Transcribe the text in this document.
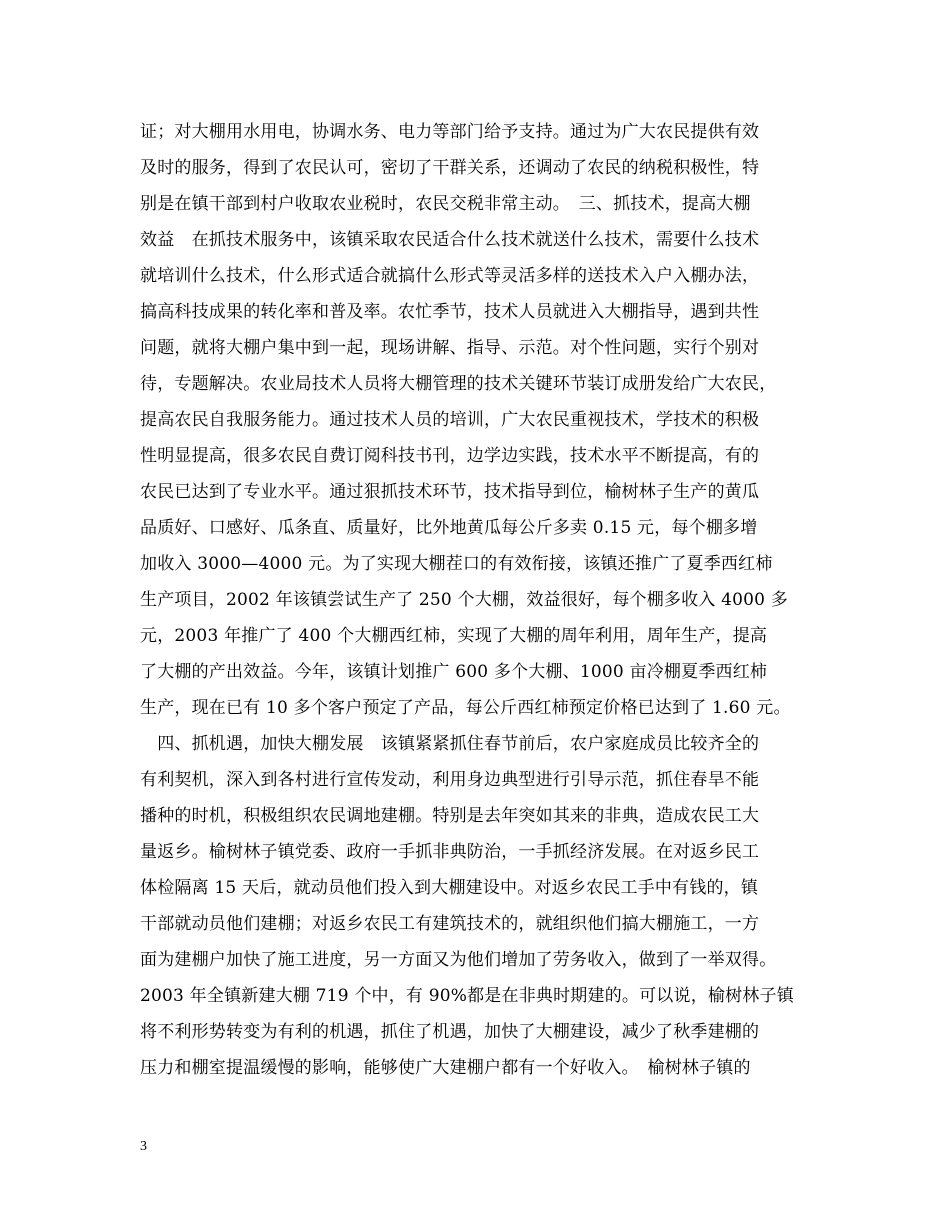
证；对大棚用水用电，协调水务、电力等部门给予支持。通过为广大农民提供有效
及时的服务，得到了农民认可，密切了干群关系，还调动了农民的纳税积极性，特
别是在镇干部到村户收取农业税时，农民交税非常主动。　三、抓技术，提高大棚
效益　在抓技术服务中，该镇采取农民适合什么技术就送什么技术，需要什么技术
就培训什么技术，什么形式适合就搞什么形式等灵活多样的送技术入户入棚办法，
搞高科技成果的转化率和普及率。农忙季节，技术人员就进入大棚指导，遇到共性
问题，就将大棚户集中到一起，现场讲解、指导、示范。对个性问题，实行个别对
待，专题解决。农业局技术人员将大棚管理的技术关键环节装订成册发给广大农民，
提高农民自我服务能力。通过技术人员的培训，广大农民重视技术，学技术的积极
性明显提高，很多农民自费订阅科技书刊，边学边实践，技术水平不断提高，有的
农民已达到了专业水平。通过狠抓技术环节，技术指导到位，榆树林子生产的黄瓜
品质好、口感好、瓜条直、质量好，比外地黄瓜每公斤多卖 0.15 元，每个棚多增
加收入 3000—4000 元。为了实现大棚茬口的有效衔接，该镇还推广了夏季西红柿
生产项目，2002 年该镇尝试生产了 250 个大棚，效益很好，每个棚多收入 4000 多
元，2003 年推广了 400 个大棚西红柿，实现了大棚的周年利用，周年生产，提高
了大棚的产出效益。今年，该镇计划推广 600 多个大棚、1000 亩冷棚夏季西红柿
生产，现在已有 10 多个客户预定了产品，每公斤西红柿预定价格已达到了 1.60 元。
　四、抓机遇，加快大棚发展　该镇紧紧抓住春节前后，农户家庭成员比较齐全的
有利契机，深入到各村进行宣传发动，利用身边典型进行引导示范，抓住春旱不能
播种的时机，积极组织农民调地建棚。特别是去年突如其来的非典，造成农民工大
量返乡。榆树林子镇党委、政府一手抓非典防治，一手抓经济发展。在对返乡民工
体检隔离 15 天后，就动员他们投入到大棚建设中。对返乡农民工手中有钱的，镇
干部就动员他们建棚；对返乡农民工有建筑技术的，就组织他们搞大棚施工，一方
面为建棚户加快了施工进度，另一方面又为他们增加了劳务收入，做到了一举双得。
2003 年全镇新建大棚 719 个中，有 90%都是在非典时期建的。可以说，榆树林子镇
将不利形势转变为有利的机遇，抓住了机遇，加快了大棚建设，减少了秋季建棚的
压力和棚室提温缓慢的影响，能够使广大建棚户都有一个好收入。　榆树林子镇的
3
